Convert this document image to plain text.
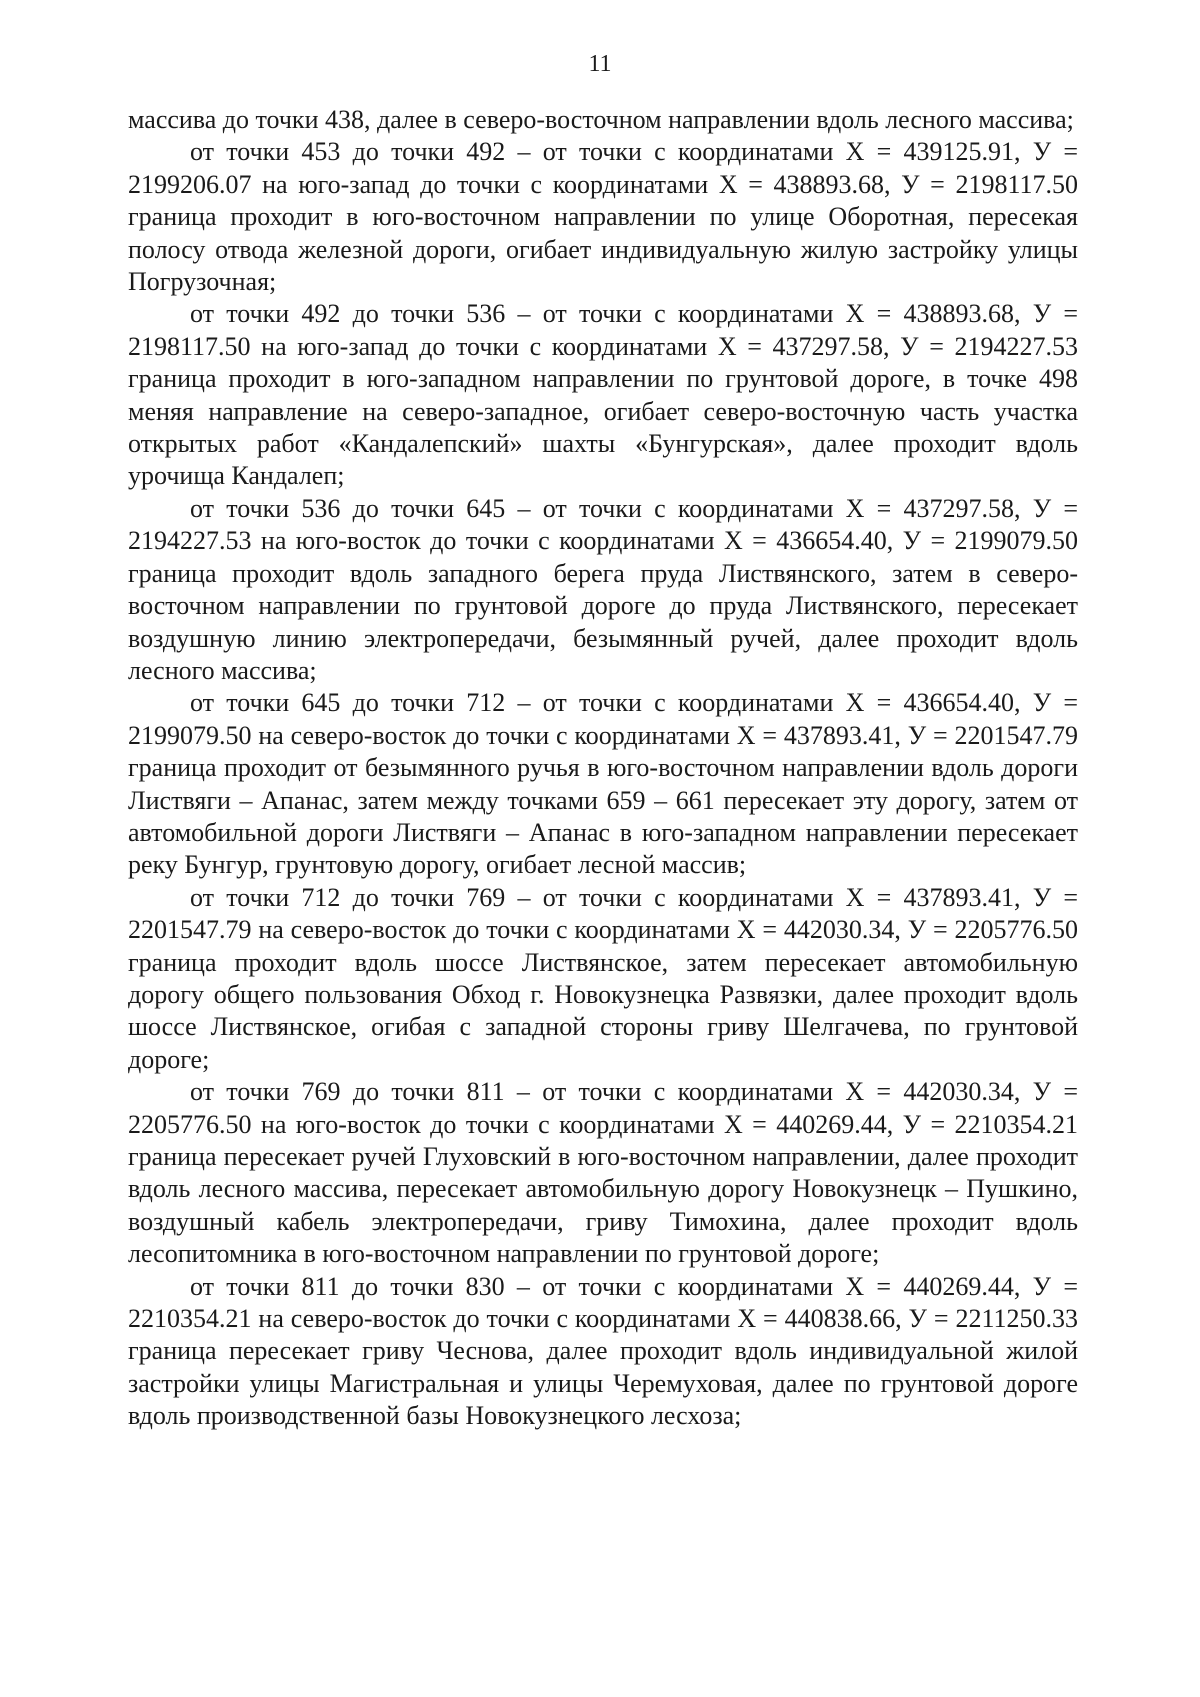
11

массива до точки 438, далее в северо-восточном направлении вдоль лесного массива;

от точки 453 до точки 492 – от точки с координатами Х = 439125.91, У = 2199206.07 на юго-запад до точки с координатами Х = 438893.68, У = 2198117.50 граница проходит в юго-восточном направлении по улице Оборотная, пересекая полосу отвода железной дороги, огибает индивидуальную жилую застройку улицы Погрузочная;

от точки 492 до точки 536 – от точки с координатами Х = 438893.68, У = 2198117.50 на юго-запад до точки с координатами Х = 437297.58, У = 2194227.53 граница проходит в юго-западном направлении по грунтовой дороге, в точке 498 меняя направление на северо-западное, огибает северо-восточную часть участка открытых работ «Кандалепский» шахты «Бунгурская», далее проходит вдоль урочища Кандалеп;

от точки 536 до точки 645 – от точки с координатами Х = 437297.58, У = 2194227.53 на юго-восток до точки с координатами Х = 436654.40, У = 2199079.50 граница проходит вдоль западного берега пруда Листвянского, затем в северо-восточном направлении по грунтовой дороге до пруда Листвянского, пересекает воздушную линию электропередачи, безымянный ручей, далее проходит вдоль лесного массива;

от точки 645 до точки 712 – от точки с координатами Х = 436654.40, У = 2199079.50 на северо-восток до точки с координатами Х = 437893.41, У = 2201547.79 граница проходит от безымянного ручья в юго-восточном направлении вдоль дороги Листвяги – Апанас, затем между точками 659 – 661 пересекает эту дорогу, затем от автомобильной дороги Листвяги – Апанас в юго-западном направлении пересекает реку Бунгур, грунтовую дорогу, огибает лесной массив;

от точки 712 до точки 769 – от точки с координатами Х = 437893.41, У = 2201547.79 на северо-восток до точки с координатами Х = 442030.34, У = 2205776.50 граница проходит вдоль шоссе Листвянское, затем пересекает автомобильную дорогу общего пользования Обход г. Новокузнецка Развязки, далее проходит вдоль шоссе Листвянское, огибая с западной стороны гриву Шелгачева, по грунтовой дороге;

от точки 769 до точки 811 – от точки с координатами Х = 442030.34, У = 2205776.50 на юго-восток до точки с координатами Х = 440269.44, У = 2210354.21 граница пересекает ручей Глуховский в юго-восточном направлении, далее проходит вдоль лесного массива, пересекает автомобильную дорогу Новокузнецк – Пушкино, воздушный кабель электропередачи, гриву Тимохина, далее проходит вдоль лесопитомника в юго-восточном направлении по грунтовой дороге;

от точки 811 до точки 830 – от точки с координатами Х = 440269.44, У = 2210354.21 на северо-восток до точки с координатами Х = 440838.66, У = 2211250.33 граница пересекает гриву Чеснова, далее проходит вдоль индивидуальной жилой застройки улицы Магистральная и улицы Черемуховая, далее по грунтовой дороге вдоль производственной базы Новокузнецкого лесхоза;
